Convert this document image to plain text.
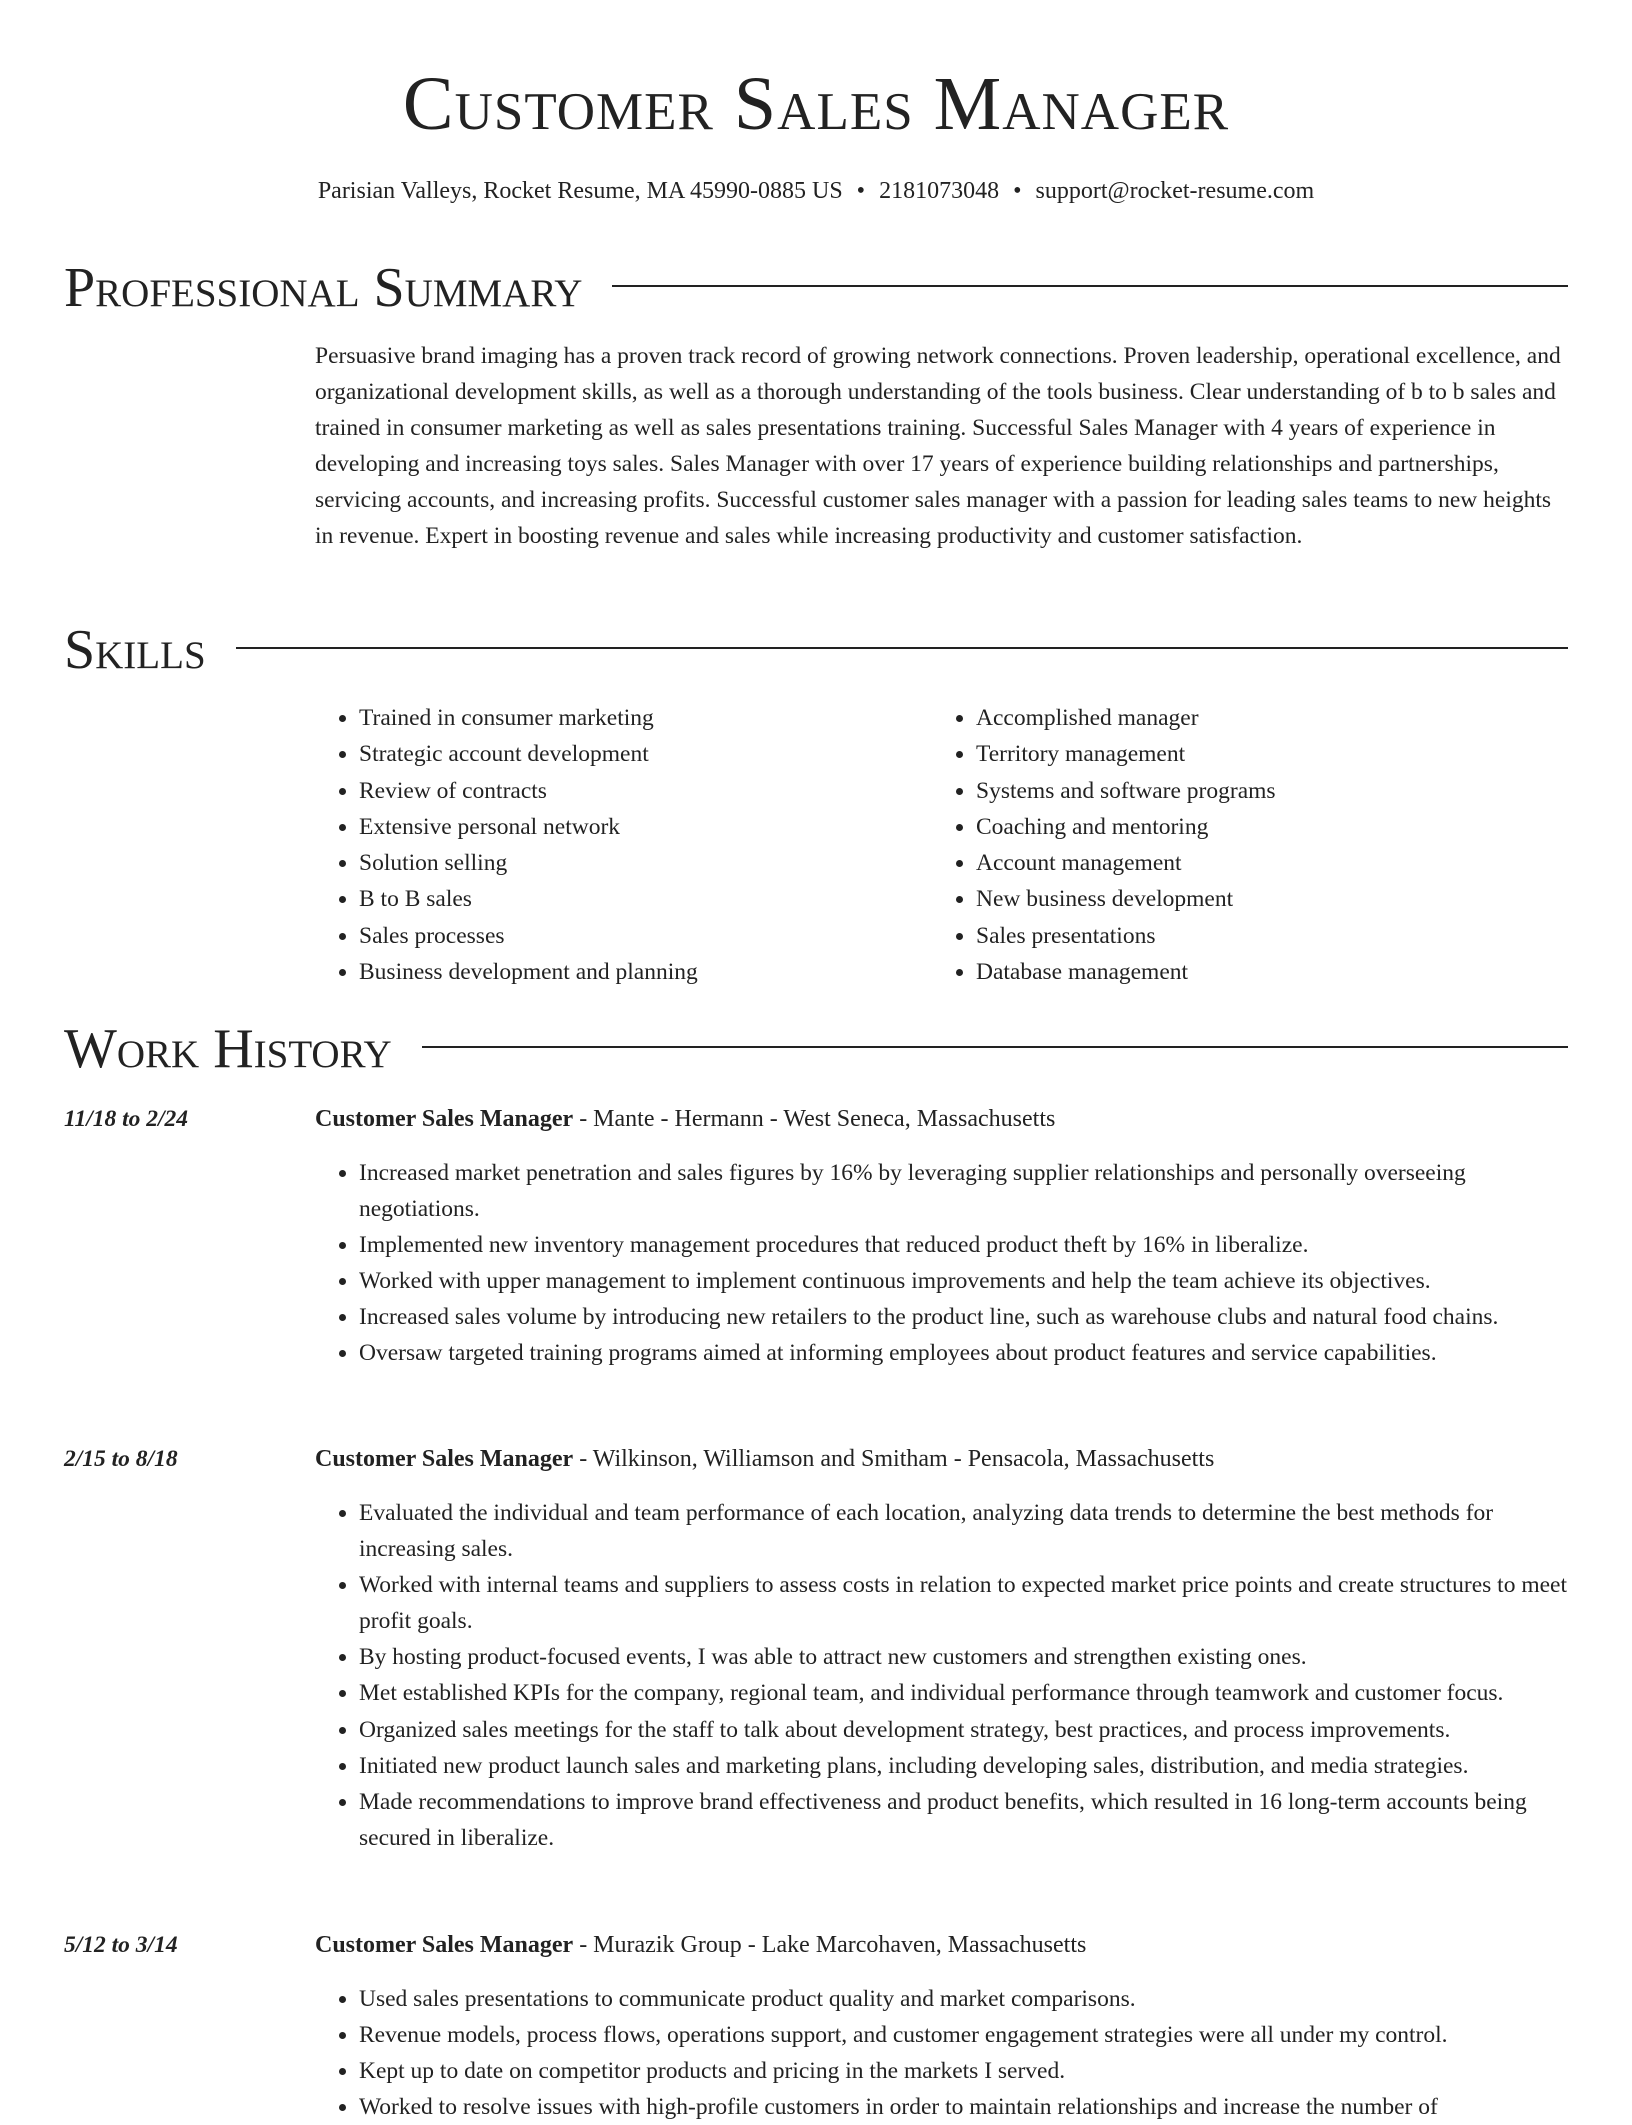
Customer Sales Manager
Parisian Valleys, Rocket Resume, MA 45990-0885 US • 2181073048 • support@rocket-resume.com
Professional Summary

Persuasive brand imaging has a proven track record of growing network connections. Proven leadership, operational excellence, and organizational development skills, as well as a thorough understanding of the tools business. Clear understanding of b to b sales and trained in consumer marketing as well as sales presentations training. Successful Sales Manager with 4 years of experience in developing and increasing toys sales. Sales Manager with over 17 years of experience building relationships and partnerships, servicing accounts, and increasing profits. Successful customer sales manager with a passion for leading sales teams to new heights in revenue. Expert in boosting revenue and sales while increasing productivity and customer satisfaction.

Skills
• Trained in consumer marketing
• Strategic account development
• Review of contracts
• Extensive personal network
• Solution selling
• B to B sales
• Sales processes
• Business development and planning
• Accomplished manager
• Territory management
• Systems and software programs
• Coaching and mentoring
• Account management
• New business development
• Sales presentations
• Database management
Work History
11/18 to 2/24	Customer Sales Manager - Mante - Hermann - West Seneca, Massachusetts
• Increased market penetration and sales figures by 16% by leveraging supplier relationships and personally overseeing negotiations.
• Implemented new inventory management procedures that reduced product theft by 16% in liberalize.
• Worked with upper management to implement continuous improvements and help the team achieve its objectives.
• Increased sales volume by introducing new retailers to the product line, such as warehouse clubs and natural food chains.
• Oversaw targeted training programs aimed at informing employees about product features and service capabilities.
2/15 to 8/18	Customer Sales Manager - Wilkinson, Williamson and Smitham - Pensacola, Massachusetts
• Evaluated the individual and team performance of each location, analyzing data trends to determine the best methods for increasing sales.
• Worked with internal teams and suppliers to assess costs in relation to expected market price points and create structures to meet profit goals.
• By hosting product-focused events, I was able to attract new customers and strengthen existing ones.
• Met established KPIs for the company, regional team, and individual performance through teamwork and customer focus.
• Organized sales meetings for the staff to talk about development strategy, best practices, and process improvements.
• Initiated new product launch sales and marketing plans, including developing sales, distribution, and media strategies.
• Made recommendations to improve brand effectiveness and product benefits, which resulted in 16 long-term accounts being secured in liberalize.
5/12 to 3/14	Customer Sales Manager - Murazik Group - Lake Marcohaven, Massachusetts
• Used sales presentations to communicate product quality and market comparisons.
• Revenue models, process flows, operations support, and customer engagement strategies were all under my control.
• Kept up to date on competitor products and pricing in the markets I served.
• Worked to resolve issues with high-profile customers in order to maintain relationships and increase the number of
